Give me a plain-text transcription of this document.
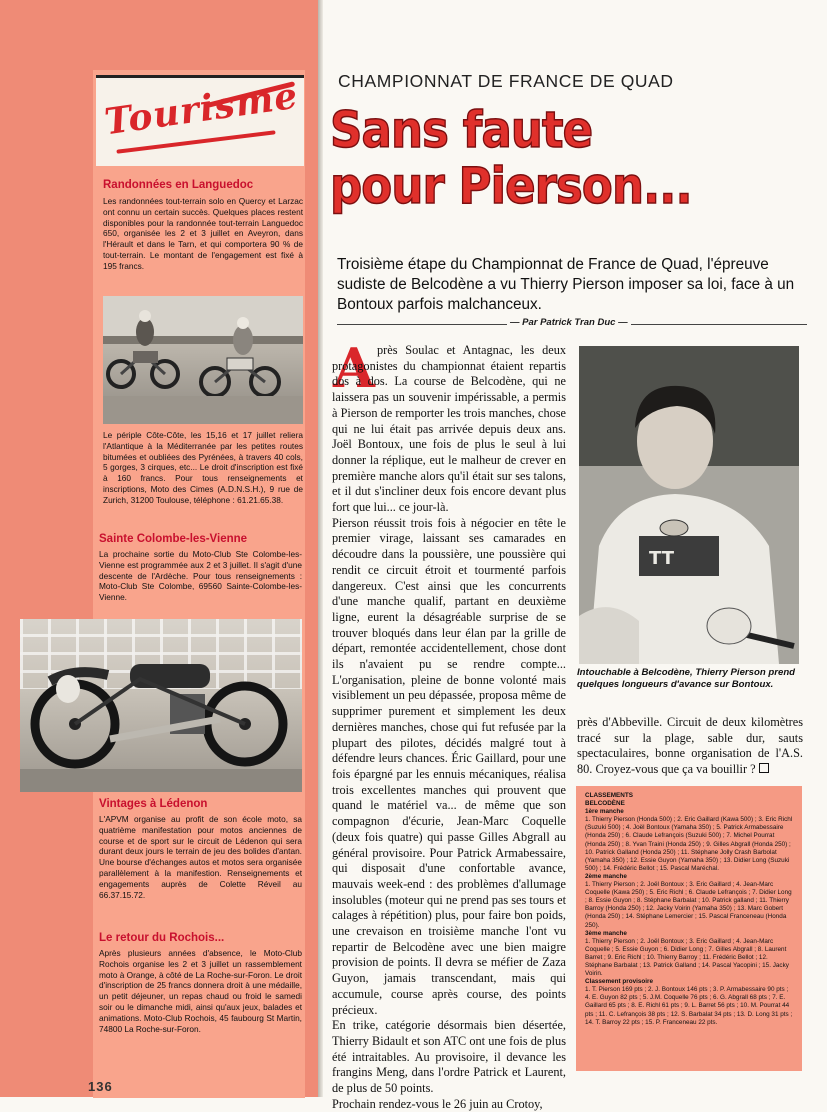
Tourisme
Randonnées en Languedoc
Les randonnées tout-terrain solo en Quercy et Larzac ont connu un certain succès. Quelques places restent disponibles pour la randonnée tout-terrain Languedoc 650, organisée les 2 et 3 juillet en Aveyron, dans l'Hérault et dans le Tarn, et qui comportera 90 % de tout-terrain. Le montant de l'engagement est fixé à 195 francs.
Le périple Côte-Côte, les 15,16 et 17 juillet reliera l'Atlantique à la Méditerranée par les petites routes bitumées et oubliées des Pyrénées, à travers 40 cols, 5 gorges, 3 cirques, etc... Le droit d'inscription est fixé à 160 francs. Pour tous renseignements et inscriptions, Moto des Cimes (A.D.N.S.H.), 9 rue de Zurich, 31200 Toulouse, téléphone : 61.21.65.38.
Sainte Colombe-les-Vienne
La prochaine sortie du Moto-Club Ste Colombe-les-Vienne est programmée aux 2 et 3 juillet. Il s'agit d'une descente de l'Ardèche. Pour tous renseignements : Moto-Club Ste Colombe, 69560 Sainte-Colombe-les-Vienne.
Vintages à Lédenon
L'APVM organise au profit de son école moto, sa quatrième manifestation pour motos anciennes de course et de sport sur le circuit de Lédenon qui sera durant deux jours le terrain de jeu des bolides d'antan. Une bourse d'échanges autos et motos sera organisée parallèlement à la manifestion. Renseignements et engagements auprès de Colette Réveil au 66.37.15.72.
Le retour du Rochois...
Après plusieurs années d'absence, le Moto-Club Rochois organise les 2 et 3 juillet un rassemblement moto à Orange, à côté de La Roche-sur-Foron. Le droit d'inscription de 25 francs donnera droit à une médaille, un petit déjeuner, un repas chaud ou froid le samedi soir ou le dimanche midi, ainsi qu'aux jeux, balades et animations. Moto-Club Rochois, 45 faubourg St Martin, 74800 La Roche-sur-Foron.
136
CHAMPIONNAT DE FRANCE DE QUAD
Sans faute
pour Pierson...
Troisième étape du Championnat de France de Quad, l'épreuve sudiste de Belcodène a vu Thierry Pierson imposer sa loi, face à un Bontoux parfois malchanceux.
— Par Patrick Tran Duc —
A près Soulac et Antagnac, les deux protagonistes du championnat étaient repartis dos à dos. La course de Belcodène, qui ne laissera pas un souvenir impérissable, a permis à Pierson de remporter les trois manches, chose qui ne lui était pas arrivée depuis deux ans. Joël Bontoux, une fois de plus le seul à lui donner la réplique, eut le malheur de crever en première manche alors qu'il était sur ses talons, et il dut s'incliner deux fois encore devant plus fort que lui... ce jour-là.

Pierson réussit trois fois à négocier en tête le premier virage, laissant ses camarades en découdre dans la poussière, une poussière qui rendit ce circuit étroit et tourmenté parfois dangereux. C'est ainsi que les concurrents d'une manche qualif, partant en deuxième ligne, eurent la désagréable surprise de se trouver bloqués dans leur élan par la grille de départ, remontée accidentellement, chose dont ils n'avaient pu se rendre compte... L'organisation, pleine de bonne volonté mais visiblement un peu dépassée, proposa même de supprimer purement et simplement les deux dernières manches, chose qui fut refusée par la plupart des pilotes, décidés malgré tout à défendre leurs chances. Éric Gaillard, pour une fois épargné par les ennuis mécaniques, réalisa trois excellentes manches qui prouvent que quand le matériel va... de même que son compagnon d'écurie, Jean-Marc Coquelle (deux fois quatre) qui passe Gilles Abgrall au général provisoire. Pour Patrick Armabessaire, qui disposait d'une confortable avance, mauvais week-end : des problèmes d'allumage insolubles (moteur qui ne prend pas ses tours et calages à répétition) plus, pour faire bon poids, une crevaison en troisième manche l'ont vu repartir de Belcodène avec une bien maigre provision de points. Il devra se méfier de Zaza Guyon, jamais transcendant, mais qui accumule, course après course, des points précieux.

En trike, catégorie désormais bien désertée, Thierry Bidault et son ATC ont une fois de plus été intraitables. Au provisoire, il devance les frangins Meng, dans l'ordre Patrick et Laurent, de plus de 50 points.

Prochain rendez-vous le 26 juin au Crotoy,

TT
Intouchable à Belcodène, Thierry Pierson prend quelques longueurs d'avance sur Bontoux.

près d'Abbeville. Circuit de deux kilomètres tracé sur la plage, sable dur, sauts spectaculaires, bonne organisation de l'A.S. 80. Croyez-vous que ça va bouillir ?

CLASSEMENTS
BELCODÈNE
1ère manche
1. Thierry Pierson (Honda 500) ; 2. Eric Gaillard (Kawa 500) ; 3. Eric Richl (Suzuki 500) ; 4. Joël Bontoux (Yamaha 350) ; 5. Patrick Armabessaire (Honda 250) ; 6. Claude Lefrançois (Suzuki 500) ; 7. Michel Pourrat (Honda 250) ; 8. Yvan Traini (Honda 250) ; 9. Gilles Abgrall (Honda 250) ; 10. Patrick Galland (Honda 250) ; 11. Stéphane Jolly Crash Barbolat (Yamaha 350) ; 12. Essie Guyon (Yamaha 350) ; 13. Didier Long (Suzuki 500) ; 14. Frédéric Bellot ; 15. Pascal Maréchal.
2ème manche
1. Thierry Pierson ; 2. Joël Bontoux ; 3. Eric Gaillard ; 4. Jean-Marc Coquelle (Kawa 250) ; 5. Eric Richl ; 6. Claude Lefrançois ; 7. Didier Long ; 8. Essie Guyon ; 8. Stéphane Barbalat ; 10. Patrick galland ; 11. Thierry Barroy (Honda 250) ; 12. Jacky Voirin (Yamaha 350) ; 13. Marc Gobert (Honda 250) ; 14. Stéphane Lemercier ; 15. Pascal Franceneau (Honda 250).
3ème manche
1. Thierry Pierson ; 2. Joël Bontoux ; 3. Eric Gaillard ; 4. Jean-Marc Coquelle ; 5. Essie Guyon ; 6. Didier Long ; 7. Gilles Abgrall ; 8. Laurent Barret ; 9. Eric Richl ; 10. Thierry Barroy ; 11. Frédéric Bellot ; 12. Stéphane Barbalat ; 13. Patrick Galland ; 14. Pascal Yacopini ; 15. Jacky Voirin.
Classement provisoire
1. T. Pierson 169 pts ; 2. J. Bontoux 146 pts ; 3. P. Armabessaire 90 pts ; 4. E. Guyon 82 pts ; 5. J.M. Coquelle 76 pts ; 6. G. Abgrall 68 pts ; 7. E. Gaillard 65 pts ; 8. E. Richl 61 pts ; 9. L. Barret 56 pts ; 10. M. Pourrat 44 pts ; 11. C. Lefrançois 38 pts ; 12. S. Barbalat 34 pts ; 13. D. Long 31 pts ; 14. T. Barroy 22 pts ; 15. P. Franceneau 22 pts.
